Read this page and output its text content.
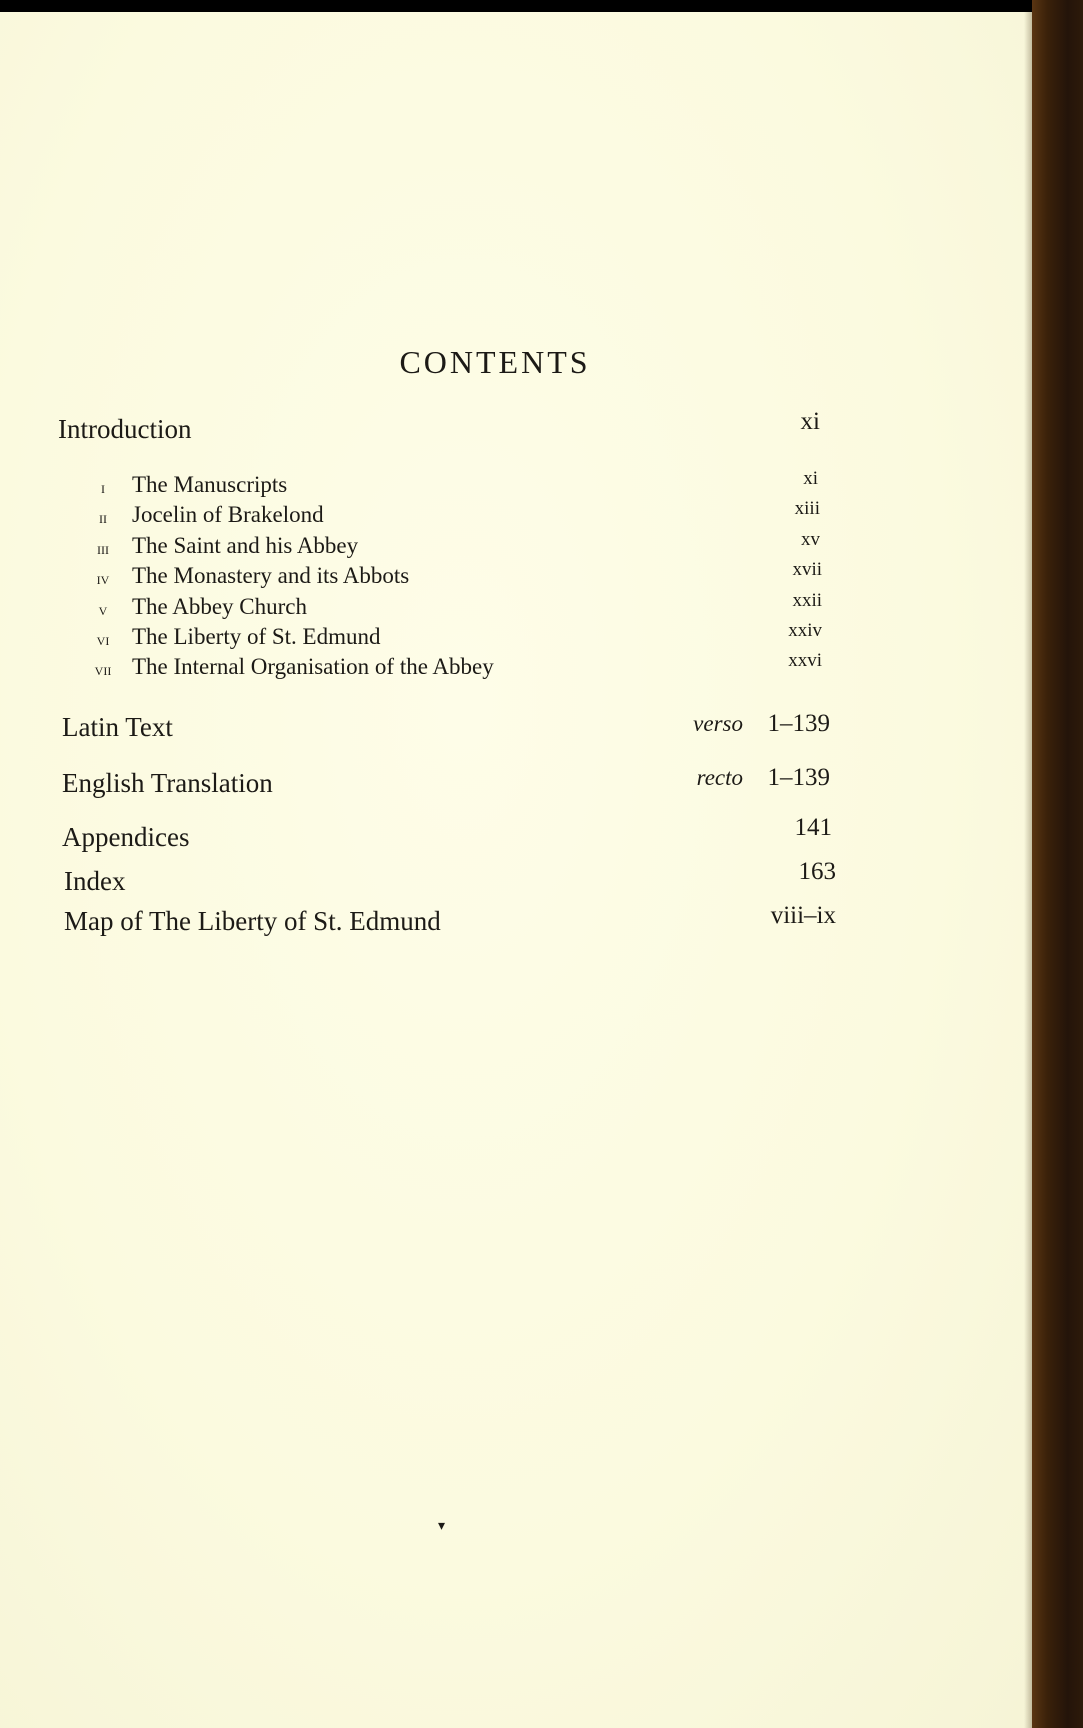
CONTENTS
Introduction	xi
i	The Manuscripts	xi
ii	Jocelin of Brakelond	xiii
iii	The Saint and his Abbey	xv
iv The Monastery and its Abbots	xvii
v	The Abbey Church	xxii
vi The Liberty of St. Edmund	xxiv
vii The Internal Organisation of the Abbey	xxvi
Latin Text	verso 1–139
English Translation	recto 1–139
Appendices	141
Index	163
Map of The Liberty of St. Edmund	viii–ix
▾
